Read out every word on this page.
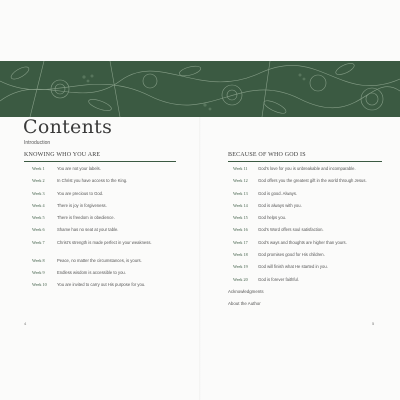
Contents
Introduction
KNOWING WHO YOU ARE
Week 1	You are not your labels.
Week 2	In Christ you have access to the King.
Week 3	You are precious to God.
Week 4	There is joy in forgiveness.
Week 5	There is freedom in obedience.
Week 6	Shame has no seat at your table.
Week 7	Christ's strength is made perfect in your weakness.
Week 8	Peace, no matter the circumstances, is yours.
Week 9	Endless wisdom is accessible to you.
Week 10 You are invited to carry out His purpose for you.
BECAUSE OF WHO GOD IS
Week 11 God's love for you is unbreakable and incomparable.
Week 12 God offers you the greatest gift in the world through Jesus.
Week 13 God is good. Always.
Week 14 God is always with you.
Week 15 God helps you.
Week 16 God's Word offers soul satisfaction.
Week 17 God's ways and thoughts are higher than yours.
Week 18 God promises good for His children.
Week 19 God will finish what He started in you.
Week 20 God is forever faithful.
Acknowledgments
About the Author
4	5
